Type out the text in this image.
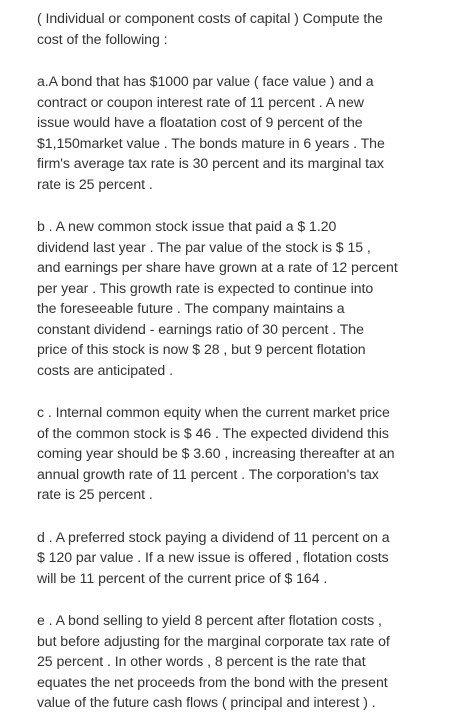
( Individual or component costs of capital ) Compute the
cost of the following :

a.A bond that has $1000 par value ( face value ) and a
contract or coupon interest rate of 11 percent . A new
issue would have a floatation cost of 9 percent of the
$1,150market value . The bonds mature in 6 years . The
firm's average tax rate is 30 percent and its marginal tax
rate is 25 percent .

b . A new common stock issue that paid a $ 1.20
dividend last year . The par value of the stock is $ 15 ,
and earnings per share have grown at a rate of 12 percent
per year . This growth rate is expected to continue into
the foreseeable future . The company maintains a
constant dividend - earnings ratio of 30 percent . The
price of this stock is now $ 28 , but 9 percent flotation
costs are anticipated .

c . Internal common equity when the current market price
of the common stock is $ 46 . The expected dividend this
coming year should be $ 3.60 , increasing thereafter at an
annual growth rate of 11 percent . The corporation's tax
rate is 25 percent .

d . A preferred stock paying a dividend of 11 percent on a
$ 120 par value . If a new issue is offered , flotation costs
will be 11 percent of the current price of $ 164 .

e . A bond selling to yield 8 percent after flotation costs ,
but before adjusting for the marginal corporate tax rate of
25 percent . In other words , 8 percent is the rate that
equates the net proceeds from the bond with the present
value of the future cash flows ( principal and interest ) .
